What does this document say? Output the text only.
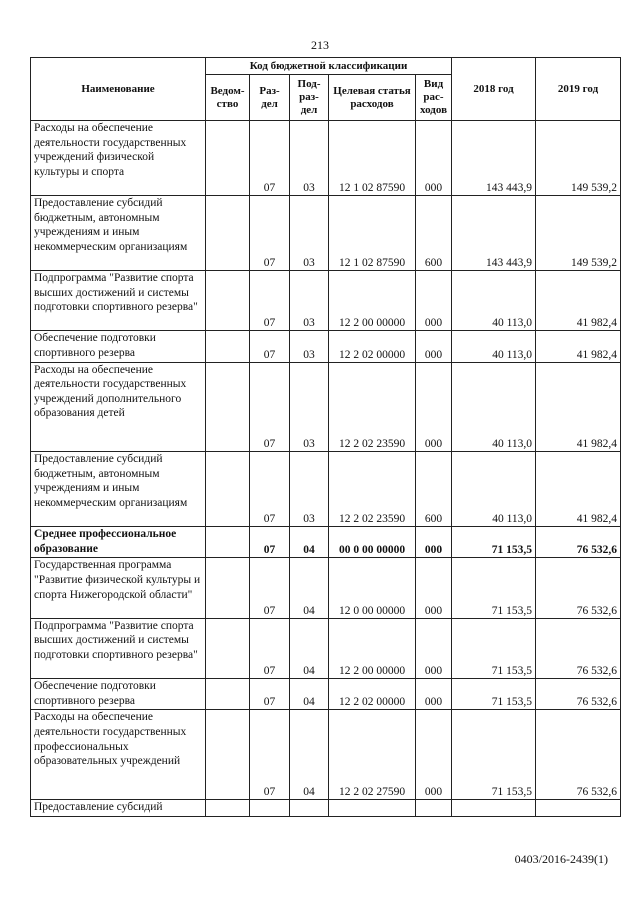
213
Наименование	Код бюджетной классификации					2018 год	2019 год
	Ведом-ство	Раз-дел	Под-раз-дел	Целевая статья расходов	Вид рас-ходов		
Расходы на обеспечение деятельности государственных учреждений физической культуры и спорта		07	03	12 1 02 87590	000	143 443,9	149 539,2
Предоставление субсидий бюджетным, автономным учреждениям и иным некоммерческим организациям		07	03	12 1 02 87590	600	143 443,9	149 539,2
Подпрограмма "Развитие спорта высших достижений и системы подготовки спортивного резерва"		07	03	12 2 00 00000	000	40 113,0	41 982,4
Обеспечение подготовки спортивного резерва		07	03	12 2 02 00000	000	40 113,0	41 982,4
Расходы на обеспечение деятельности государственных учреждений дополнительного образования детей		07	03	12 2 02 23590	000	40 113,0	41 982,4
Предоставление субсидий бюджетным, автономным учреждениям и иным некоммерческим организациям		07	03	12 2 02 23590	600	40 113,0	41 982,4
Среднее профессиональное образование		07	04	00 0 00 00000	000	71 153,5	76 532,6
Государственная программа "Развитие физической культуры и спорта Нижегородской области"		07	04	12 0 00 00000	000	71 153,5	76 532,6
Подпрограмма "Развитие спорта высших достижений и системы подготовки спортивного резерва"		07	04	12 2 00 00000	000	71 153,5	76 532,6
Обеспечение подготовки спортивного резерва		07	04	12 2 02 00000	000	71 153,5	76 532,6
Расходы на обеспечение деятельности государственных профессиональных образовательных учреждений		07	04	12 2 02 27590	000	71 153,5	76 532,6
Предоставление субсидий							
0403/2016-2439(1)
